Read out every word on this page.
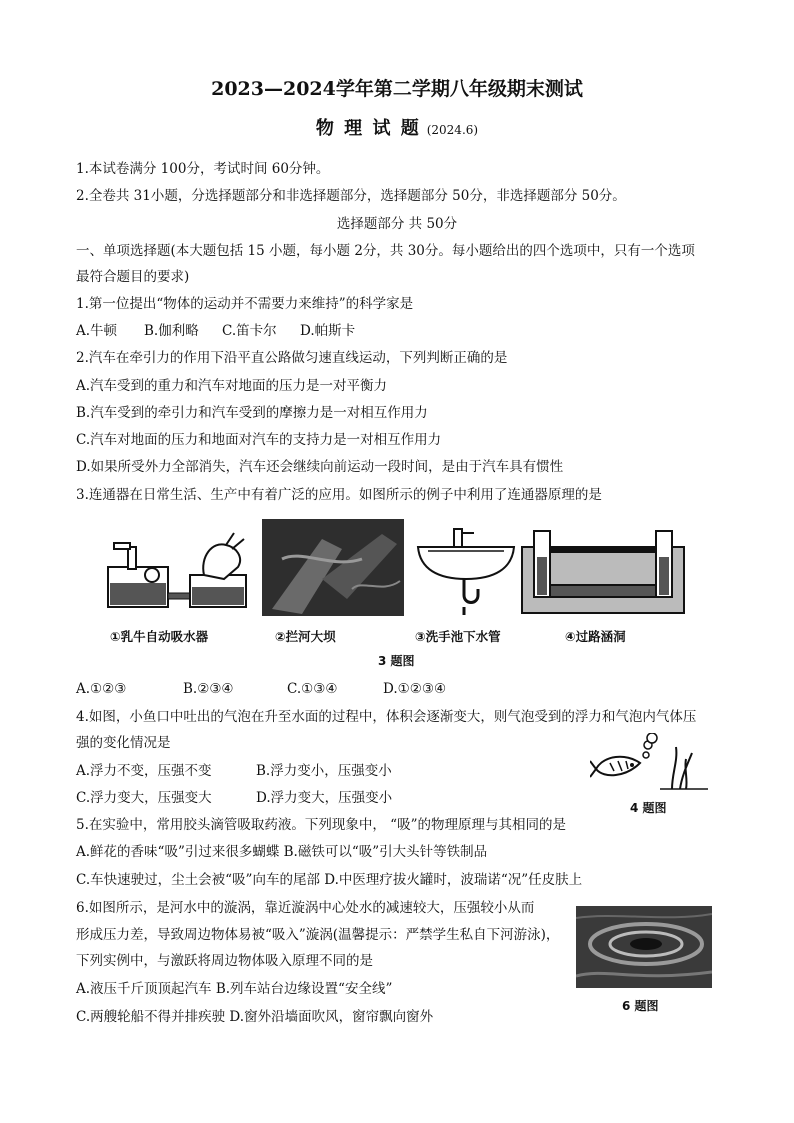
2023—2024学年第二学期八年级期末测试
物 理 试 题 (2024.6)
1.本试卷满分 100分，考试时间 60分钟。
2.全卷共 31小题，分选择题部分和非选择题部分，选择题部分 50分，非选择题部分 50分。
选择题部分 共 50分
一、单项选择题(本大题包括 15 小题，每小题 2分，共 30分。每小题给出的四个选项中，只有一个选项
最符合题目的要求)
1.第一位提出“物体的运动并不需要力来维持”的科学家是
A.牛顿 B.伽利略 C.笛卡尔 D.帕斯卡
2.汽车在牵引力的作用下沿平直公路做匀速直线运动，下列判断正确的是
A.汽车受到的重力和汽车对地面的压力是一对平衡力
B.汽车受到的牵引力和汽车受到的摩擦力是一对相互作用力
C.汽车对地面的压力和地面对汽车的支持力是一对相互作用力
D.如果所受外力全部消失，汽车还会继续向前运动一段时间，是由于汽车具有惯性
3.连通器在日常生活、生产中有着广泛的应用。如图所示的例子中利用了连通器原理的是
①乳牛自动吸水器	②拦河大坝	③洗手池下水管	④过路涵洞
3 题图
A.①②③	B.②③④	C.①③④	D.①②③④
4.如图，小鱼口中吐出的气泡在升至水面的过程中，体积会逐渐变大，则气泡受到的浮力和气泡内气体压
强的变化情况是
A.浮力不变，压强不变	B.浮力变小，压强变小
C.浮力变大，压强变大	D.浮力变大，压强变小
4 题图
5.在实验中，常用胶头滴管吸取药液。下列现象中， “吸”的物理原理与其相同的是
A.鲜花的香味“吸”引过来很多蝴蝶 B.磁铁可以“吸”引大头针等铁制品
C.车快速驶过，尘土会被“吸”向车的尾部 D.中医理疗拔火罐时，波瑞诺“况”任皮肤上
6.如图所示，是河水中的漩涡，靠近漩涡中心处水的减速较大，压强较小从而
形成压力差，导致周边物体易被“吸入”漩涡(温馨提示：严禁学生私自下河游泳)，
下列实例中，与激跃将周边物体吸入原理不同的是
A.液压千斤顶顶起汽车 B.列车站台边缘设置“安全线”
C.两艘轮船不得并排疾驶 D.窗外沿墙面吹风，窗帘飘向窗外
6 题图
